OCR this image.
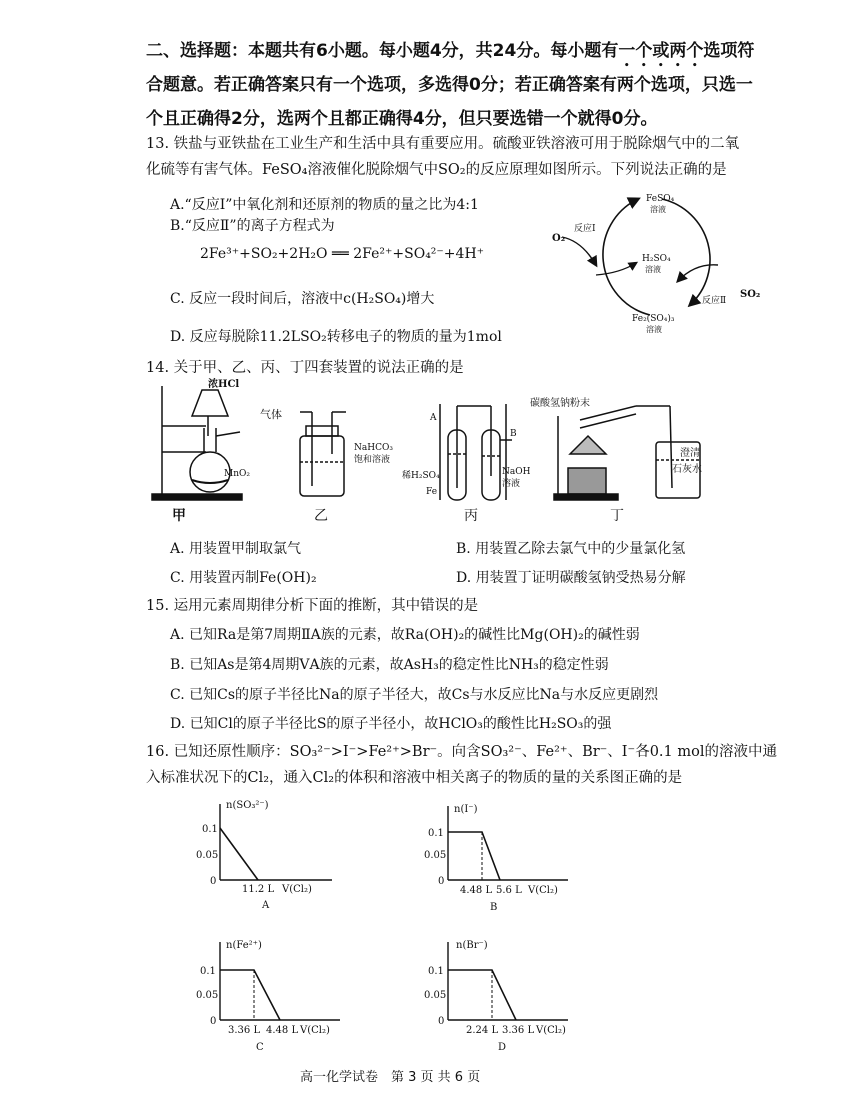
二、选择题：本题共有6小题。每小题4分，共24分。每小题有一个或两个选项符
合题意。若正确答案只有一个选项，多选得0分；若正确答案有两个选项，只选一
个且正确得2分，选两个且都正确得4分，但只要选错一个就得0分。
13. 铁盐与亚铁盐在工业生产和生活中具有重要应用。硫酸亚铁溶液可用于脱除烟气中的二氧
化硫等有害气体。FeSO₄溶液催化脱除烟气中SO₂的反应原理如图所示。下列说法正确的是
A.“反应Ⅰ”中氧化剂和还原剂的物质的量之比为4:1
B.“反应Ⅱ”的离子方程式为
2Fe³⁺+SO₂+2H₂O ══ 2Fe²⁺+SO₄²⁻+4H⁺
C. 反应一段时间后，溶液中c(H₂SO₄)增大
D. 反应每脱除11.2LSO₂转移电子的物质的量为1mol
FeSO₄
溶液
H₂SO₄
溶液
Fe₂(SO₄)₃
溶液
反应Ⅰ
反应Ⅱ
O₂
SO₂
14. 关于甲、乙、丙、丁四套装置的说法正确的是
浓HCl
MnO₂
气体
NaHCO₃
饱和溶液
A
B
稀H₂SO₄
Fe
NaOH
溶液
碳酸氢钠粉末
澄清
石灰水
甲	乙	丙	丁
A. 用装置甲制取氯气	B. 用装置乙除去氯气中的少量氯化氢
C. 用装置丙制Fe(OH)₂	D. 用装置丁证明碳酸氢钠受热易分解
15. 运用元素周期律分析下面的推断，其中错误的是
A. 已知Ra是第7周期ⅡA族的元素，故Ra(OH)₂的碱性比Mg(OH)₂的碱性弱
B. 已知As是第4周期ⅤA族的元素，故AsH₃的稳定性比NH₃的稳定性弱
C. 已知Cs的原子半径比Na的原子半径大，故Cs与水反应比Na与水反应更剧烈
D. 已知Cl的原子半径比S的原子半径小，故HClO₃的酸性比H₂SO₃的强
16. 已知还原性顺序：SO₃²⁻>I⁻>Fe²⁺>Br⁻。向含SO₃²⁻、Fe²⁺、Br⁻、I⁻各0.1 mol的溶液中通
入标准状况下的Cl₂，通入Cl₂的体积和溶液中相关离子的物质的量的关系图正确的是
n(SO₃²⁻)
0.1
0.05
0
11.2 L V(Cl₂)
A
n(I⁻)
0.1
0.05
0
4.48 L 5.6 L V(Cl₂)
B
n(Fe²⁺)
0.1
0.05
0
3.36 L 4.48 L V(Cl₂)
C
n(Br⁻)
0.1
0.05
0
2.24 L 3.36 L V(Cl₂)
D
高一化学试卷　第 3 页 共 6 页
